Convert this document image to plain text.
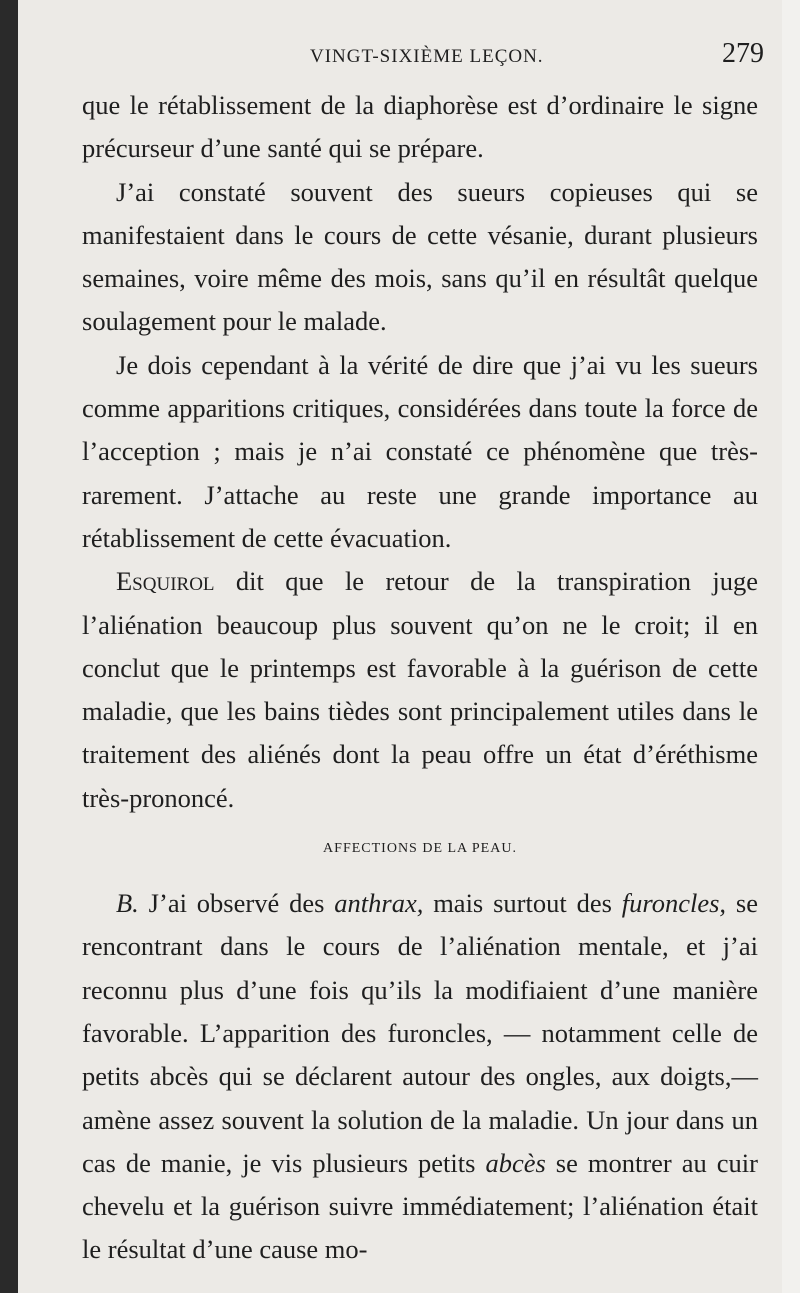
VINGT-SIXIÈME LEÇON.	279

que le rétablissement de la diaphorèse est d’ordinaire le signe précurseur d’une santé qui se prépare.

J’ai constaté souvent des sueurs copieuses qui se manifestaient dans le cours de cette vésanie, durant plusieurs semaines, voire même des mois, sans qu’il en résultât quelque soulagement pour le malade.

Je dois cependant à la vérité de dire que j’ai vu les sueurs comme apparitions critiques, considérées dans toute la force de l’acception ; mais je n’ai constaté ce phénomène que très-rarement. J’attache au reste une grande importance au rétablissement de cette évacuation.

Esquirol dit que le retour de la transpiration juge l’aliénation beaucoup plus souvent qu’on ne le croit; il en conclut que le printemps est favorable à la guérison de cette maladie, que les bains tièdes sont principalement utiles dans le traitement des aliénés dont la peau offre un état d’éréthisme très-prononcé.

AFFECTIONS DE LA PEAU.

B. J’ai observé des anthrax, mais surtout des furoncles, se rencontrant dans le cours de l’aliénation mentale, et j’ai reconnu plus d’une fois qu’ils la modifiaient d’une manière favorable. L’apparition des furoncles, — notamment celle de petits abcès qui se déclarent autour des ongles, aux doigts,— amène assez souvent la solution de la maladie. Un jour dans un cas de manie, je vis plusieurs petits abcès se montrer au cuir chevelu et la guérison suivre immédiatement; l’aliénation était le résultat d’une cause mo-
